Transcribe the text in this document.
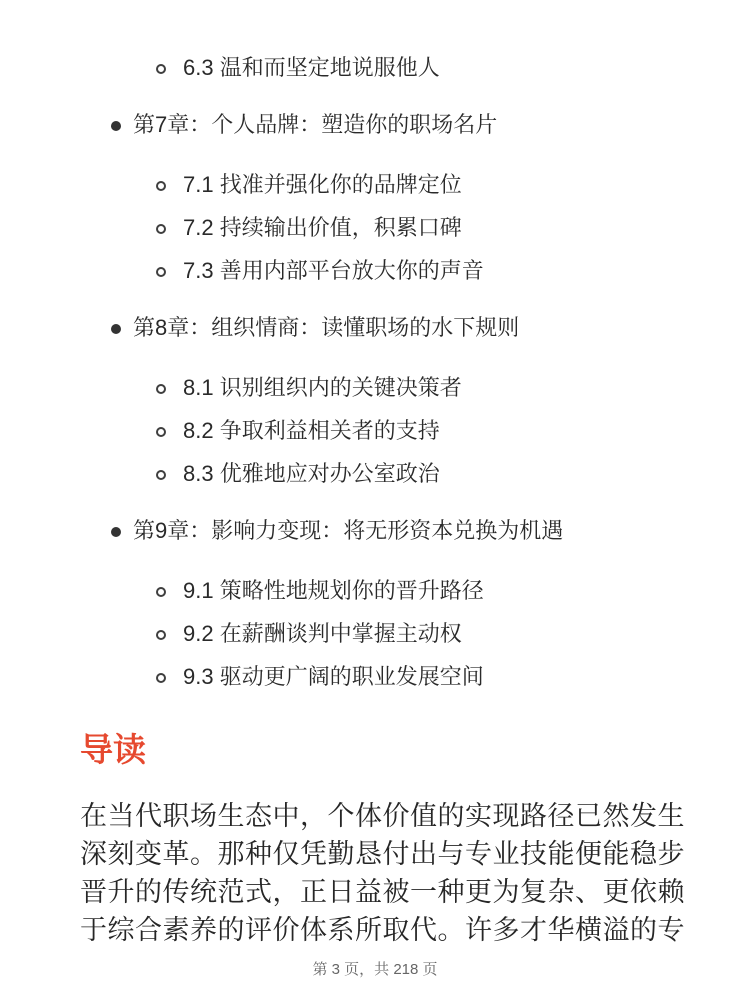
6.3 温和而坚定地说服他人
第7章：个人品牌：塑造你的职场名片
7.1 找准并强化你的品牌定位
7.2 持续输出价值，积累口碑
7.3 善用内部平台放大你的声音
第8章：组织情商：读懂职场的水下规则
8.1 识别组织内的关键决策者
8.2 争取利益相关者的支持
8.3 优雅地应对办公室政治
第9章：影响力变现：将无形资本兑换为机遇
9.1 策略性地规划你的晋升路径
9.2 在薪酬谈判中掌握主动权
9.3 驱动更广阔的职业发展空间
导读
在当代职场生态中，个体价值的实现路径已然发生
深刻变革。那种仅凭勤恳付出与专业技能便能稳步
晋升的传统范式，正日益被一种更为复杂、更依赖
于综合素养的评价体系所取代。许多才华横溢的专
第 3 页，共 218 页
